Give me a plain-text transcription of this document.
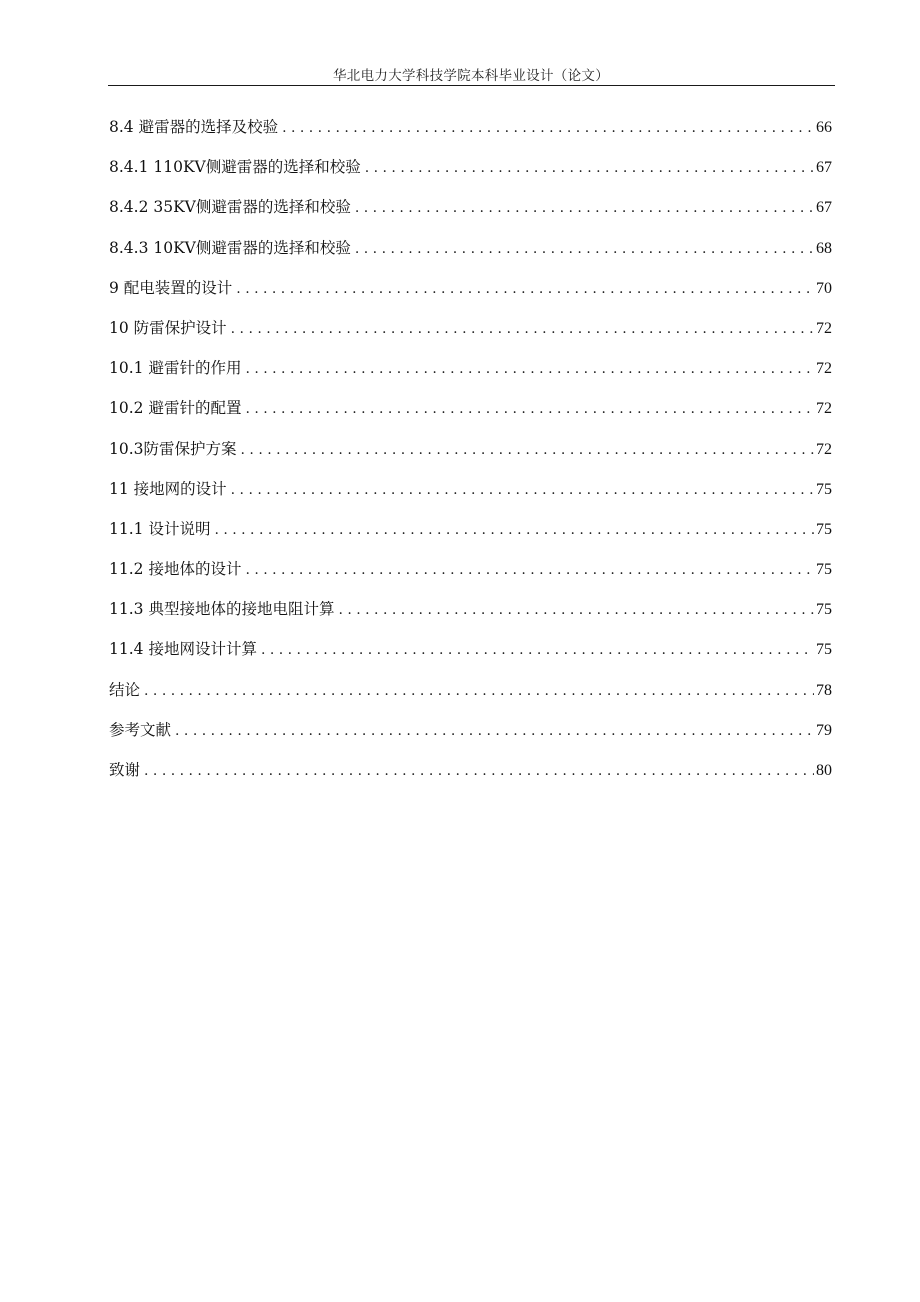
华北电力大学科技学院本科毕业设计（论文）
8.4 避雷器的选择及校验 . . .	66
8.4.1 110KV侧避雷器的选择和校验 . . .	67
8.4.2 35KV侧避雷器的选择和校验 . . .	67
8.4.3 10KV侧避雷器的选择和校验 . . .	68
9 配电装置的设计 . . .	70
10 防雷保护设计 . . .	72
10.1 避雷针的作用 . . .	72
10.2 避雷针的配置 . . .	72
10.3防雷保护方案 . . .	72
11 接地网的设计 . . .	75
11.1 设计说明 . . .	75
11.2 接地体的设计 . . .	75
11.3 典型接地体的接地电阻计算 . . .	75
11.4 接地网设计计算 . . .	75
结论 . . .	78
参考文献 . . .	79
致谢 . . .	80
